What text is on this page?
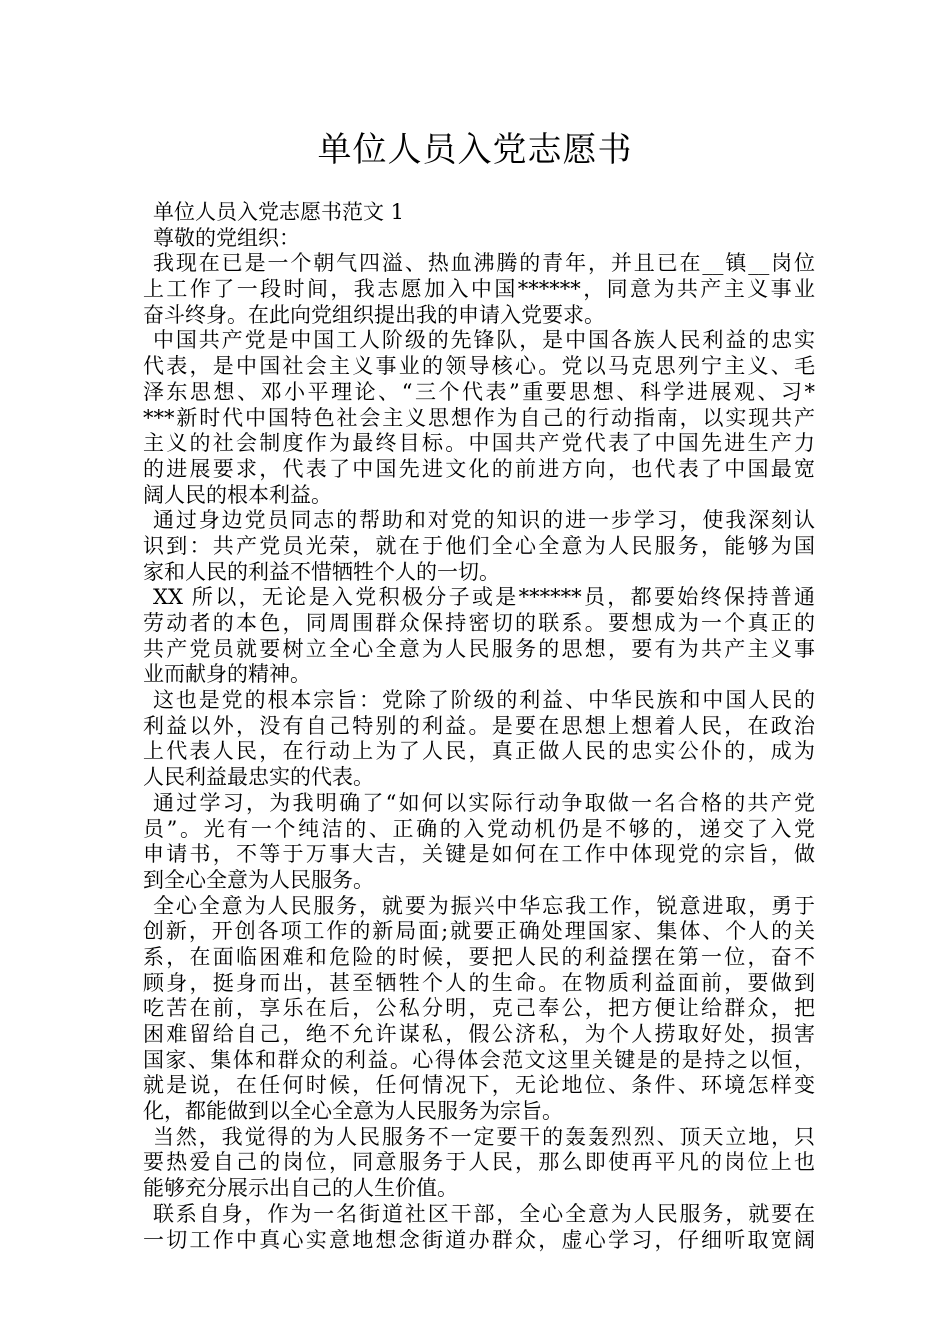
单位人员入党志愿书
单位人员入党志愿书范文 1
尊敬的党组织：
我现在已是一个朝气四溢、热血沸腾的青年，并且已在__镇__岗位
上工作了一段时间，我志愿加入中国******，同意为共产主义事业
奋斗终身。在此向党组织提出我的申请入党要求。
中国共产党是中国工人阶级的先锋队，是中国各族人民利益的忠实
代表，是中国社会主义事业的领导核心。党以马克思列宁主义、毛
泽东思想、邓小平理论、“三个代表”重要思想、科学进展观、习*
***新时代中国特色社会主义思想作为自己的行动指南，以实现共产
主义的社会制度作为最终目标。中国共产党代表了中国先进生产力
的进展要求，代表了中国先进文化的前进方向，也代表了中国最宽
阔人民的根本利益。
通过身边党员同志的帮助和对党的知识的进一步学习，使我深刻认
识到：共产党员光荣，就在于他们全心全意为人民服务，能够为国
家和人民的利益不惜牺牲个人的一切。
XX 所以，无论是入党积极分子或是******员，都要始终保持普通
劳动者的本色，同周围群众保持密切的联系。要想成为一个真正的
共产党员就要树立全心全意为人民服务的思想，要有为共产主义事
业而献身的精神。
这也是党的根本宗旨：党除了阶级的利益、中华民族和中国人民的
利益以外，没有自己特别的利益。是要在思想上想着人民，在政治
上代表人民，在行动上为了人民，真正做人民的忠实公仆的，成为
人民利益最忠实的代表。
通过学习，为我明确了“如何以实际行动争取做一名合格的共产党
员”。光有一个纯洁的、正确的入党动机仍是不够的，递交了入党
申请书，不等于万事大吉，关键是如何在工作中体现党的宗旨，做
到全心全意为人民服务。
全心全意为人民服务，就要为振兴中华忘我工作，锐意进取，勇于
创新，开创各项工作的新局面;就要正确处理国家、集体、个人的关
系，在面临困难和危险的时候，要把人民的利益摆在第一位，奋不
顾身，挺身而出，甚至牺牲个人的生命。在物质利益面前，要做到
吃苦在前，享乐在后，公私分明，克己奉公，把方便让给群众，把
困难留给自己，绝不允许谋私，假公济私，为个人捞取好处，损害
国家、集体和群众的利益。心得体会范文这里关键是的是持之以恒，
就是说，在任何时候，任何情况下，无论地位、条件、环境怎样变
化，都能做到以全心全意为人民服务为宗旨。
当然，我觉得的为人民服务不一定要干的轰轰烈烈、顶天立地，只
要热爱自己的岗位，同意服务于人民，那么即使再平凡的岗位上也
能够充分展示出自己的人生价值。
联系自身，作为一名街道社区干部，全心全意为人民服务，就要在
一切工作中真心实意地想念街道办群众，虚心学习，仔细听取宽阔
